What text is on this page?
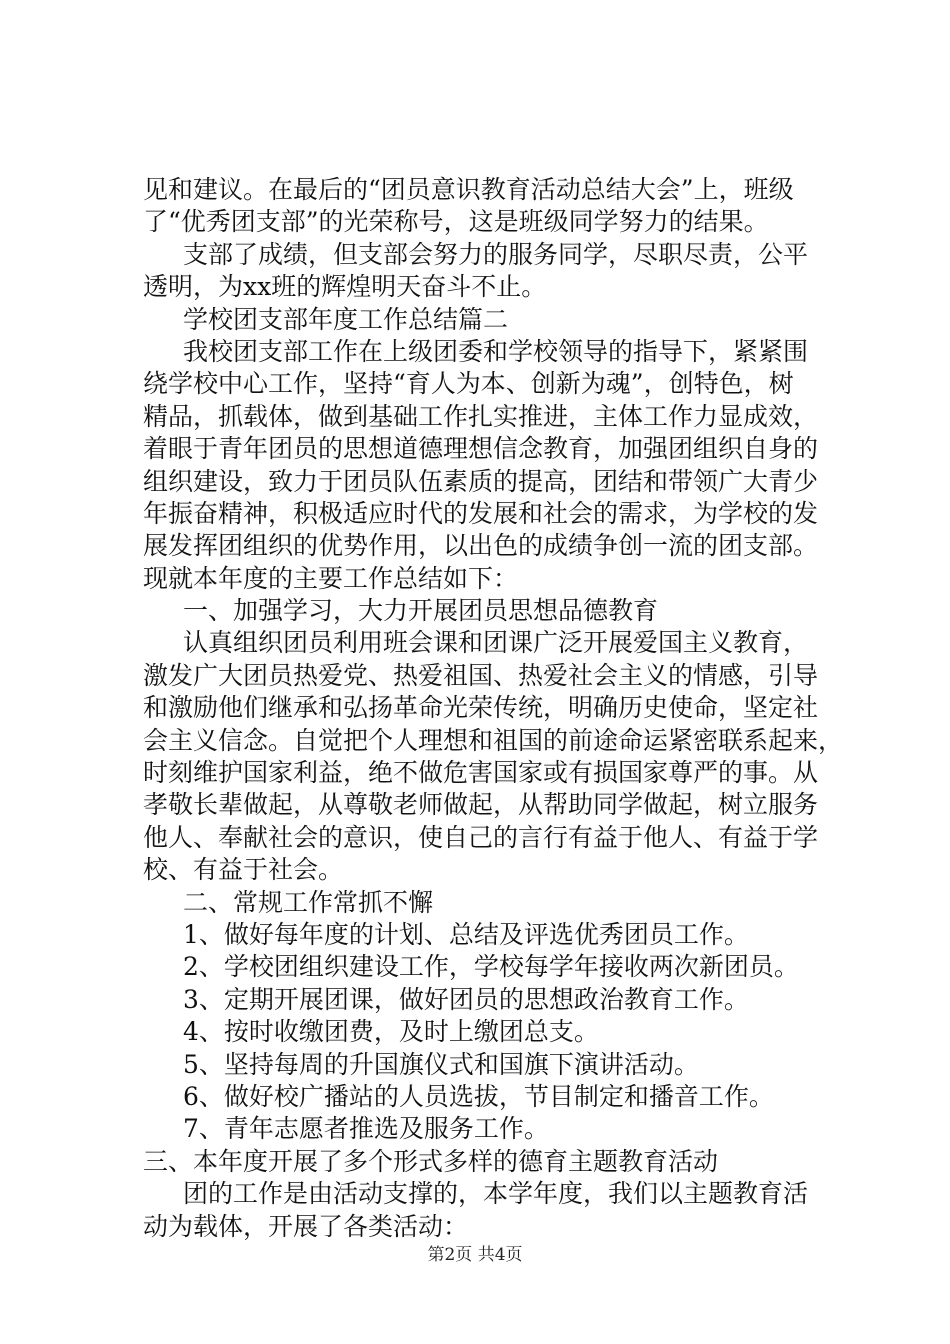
见和建议。在最后的“团员意识教育活动总结大会”上，班级
了“优秀团支部”的光荣称号，这是班级同学努力的结果。
支部了成绩，但支部会努力的服务同学，尽职尽责，公平
透明，为xx班的辉煌明天奋斗不止。
学校团支部年度工作总结篇二
我校团支部工作在上级团委和学校领导的指导下，紧紧围
绕学校中心工作，坚持“育人为本、创新为魂”，创特色，树
精品，抓载体，做到基础工作扎实推进，主体工作力显成效，
着眼于青年团员的思想道德理想信念教育，加强团组织自身的
组织建设，致力于团员队伍素质的提高，团结和带领广大青少
年振奋精神，积极适应时代的发展和社会的需求，为学校的发
展发挥团组织的优势作用，以出色的成绩争创一流的团支部。
现就本年度的主要工作总结如下：
一、加强学习，大力开展团员思想品德教育
认真组织团员利用班会课和团课广泛开展爱国主义教育，
激发广大团员热爱党、热爱祖国、热爱社会主义的情感，引导
和激励他们继承和弘扬革命光荣传统，明确历史使命，坚定社
会主义信念。自觉把个人理想和祖国的前途命运紧密联系起来，
时刻维护国家利益，绝不做危害国家或有损国家尊严的事。从
孝敬长辈做起，从尊敬老师做起，从帮助同学做起，树立服务
他人、奉献社会的意识，使自己的言行有益于他人、有益于学
校、有益于社会。
二、常规工作常抓不懈
1、做好每年度的计划、总结及评选优秀团员工作。
2、学校团组织建设工作，学校每学年接收两次新团员。
3、定期开展团课，做好团员的思想政治教育工作。
4、按时收缴团费，及时上缴团总支。
5、坚持每周的升国旗仪式和国旗下演讲活动。
6、做好校广播站的人员选拔，节目制定和播音工作。
7、青年志愿者推选及服务工作。
三、本年度开展了多个形式多样的德育主题教育活动
团的工作是由活动支撑的，本学年度，我们以主题教育活
动为载体，开展了各类活动：
第2页 共4页
